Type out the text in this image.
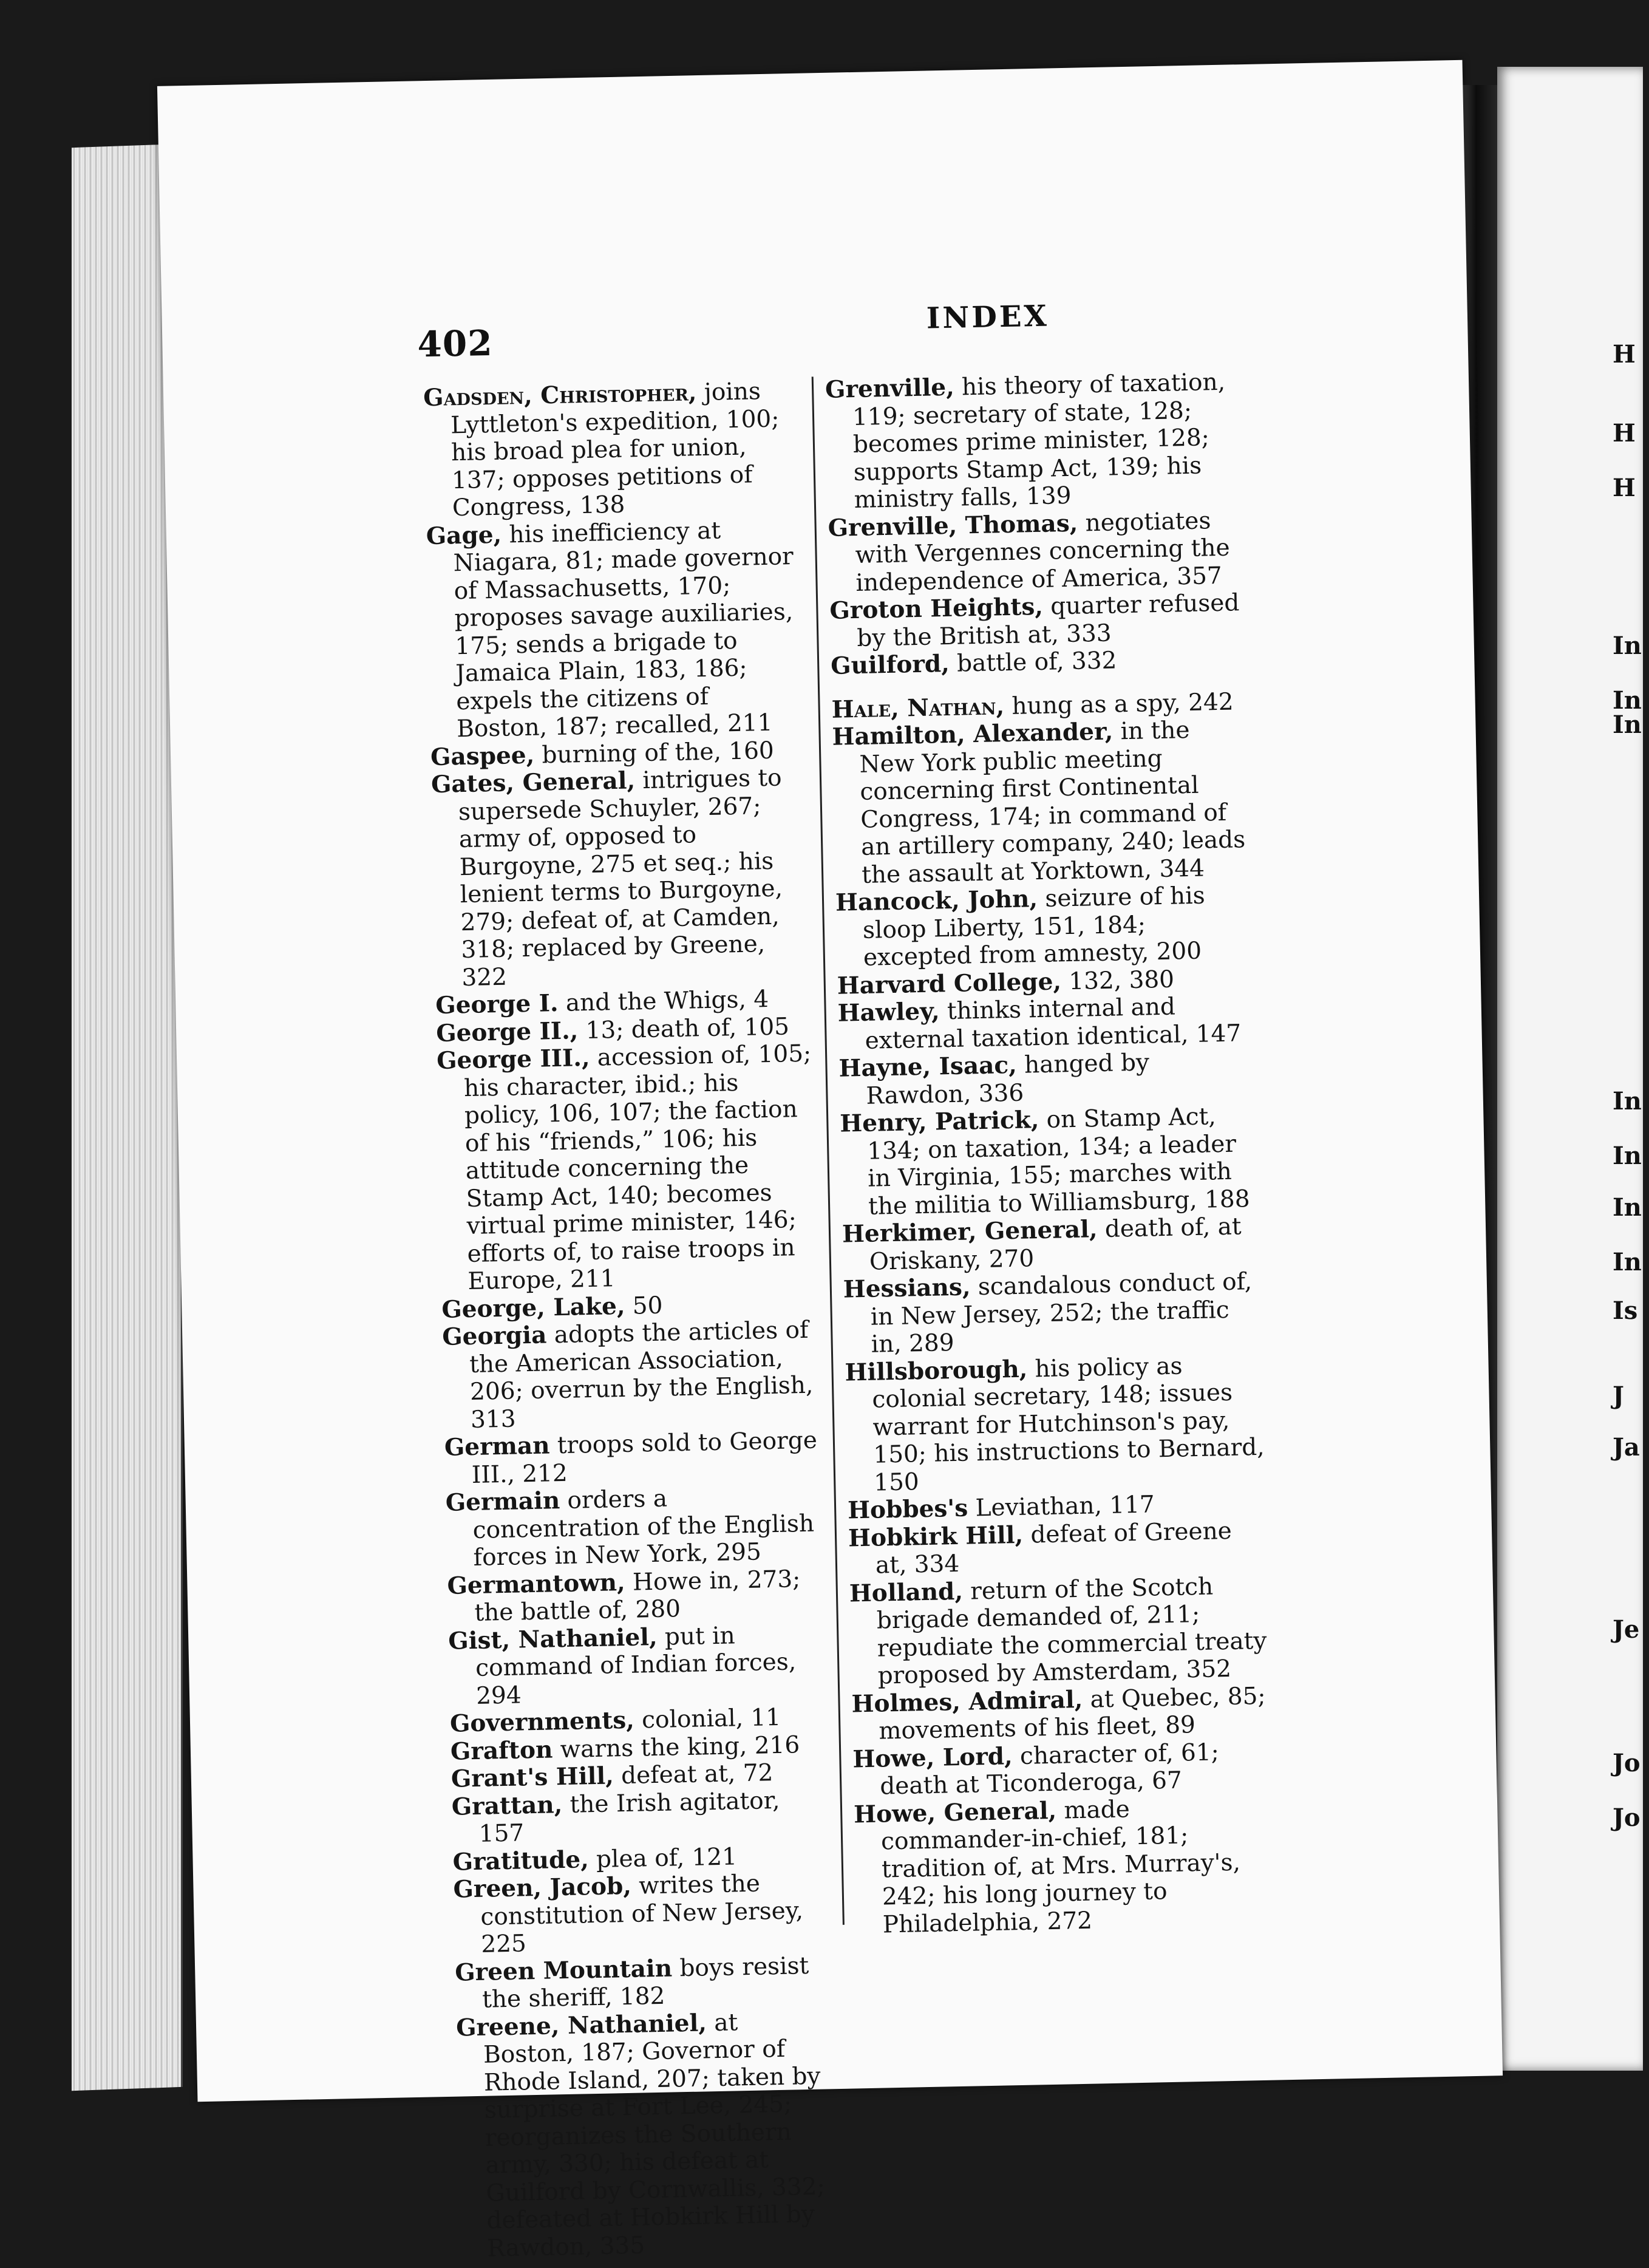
H
H
H
In
In
In
In
In
In
In
Is
J
Ja
Je
Jo
Jo
402
INDEX

Gadsden, Christopher, joins Lyttleton's expedition, 100; his broad plea for union, 137; opposes petitions of Congress, 138

Gage, his inefficiency at Niagara, 81; made governor of Massachusetts, 170; proposes savage auxiliaries, 175; sends a brigade to Jamaica Plain, 183, 186; expels the citizens of Boston, 187; recalled, 211

Gaspee, burning of the, 160

Gates, General, intrigues to supersede Schuyler, 267; army of, opposed to Burgoyne, 275 et seq.; his lenient terms to Burgoyne, 279; defeat of, at Camden, 318; replaced by Greene, 322

George I. and the Whigs, 4

George II., 13; death of, 105

George III., accession of, 105; his character, ibid.; his policy, 106, 107; the faction of his “friends,” 106; his attitude concerning the Stamp Act, 140; becomes virtual prime minister, 146; efforts of, to raise troops in Europe, 211

George, Lake, 50

Georgia adopts the articles of the American Association, 206; overrun by the English, 313

German troops sold to George III., 212

Germain orders a concentration of the English forces in New York, 295

Germantown, Howe in, 273; the battle of, 280

Gist, Nathaniel, put in command of Indian forces, 294

Governments, colonial, 11

Grafton warns the king, 216

Grant's Hill, defeat at, 72

Grattan, the Irish agitator, 157

Gratitude, plea of, 121

Green, Jacob, writes the constitution of New Jersey, 225

Green Mountain boys resist the sheriff, 182

Greene, Nathaniel, at Boston, 187; Governor of Rhode Island, 207; taken by surprise at Fort Lee, 245; reorganizes the Southern army, 330; his defeat at Guilford by Cornwallis, 332; defeated at Hobkirk Hill by Rawdon, 335

Grenville, his theory of taxation, 119; secretary of state, 128; becomes prime minister, 128; supports Stamp Act, 139; his ministry falls, 139

Grenville, Thomas, negotiates with Vergennes concerning the independence of America, 357

Groton Heights, quarter refused by the British at, 333

Guilford, battle of, 332

Hale, Nathan, hung as a spy, 242

Hamilton, Alexander, in the New York public meeting concerning first Continental Congress, 174; in command of an artillery company, 240; leads the assault at Yorktown, 344

Hancock, John, seizure of his sloop Liberty, 151, 184; excepted from amnesty, 200

Harvard College, 132, 380

Hawley, thinks internal and external taxation identical, 147

Hayne, Isaac, hanged by Rawdon, 336

Henry, Patrick, on Stamp Act, 134; on taxation, 134; a leader in Virginia, 155; marches with the militia to Williamsburg, 188

Herkimer, General, death of, at Oriskany, 270

Hessians, scandalous conduct of, in New Jersey, 252; the traffic in, 289

Hillsborough, his policy as colonial secretary, 148; issues warrant for Hutchinson's pay, 150; his instructions to Bernard, 150

Hobbes's Leviathan, 117

Hobkirk Hill, defeat of Greene at, 334

Holland, return of the Scotch brigade demanded of, 211; repudiate the commercial treaty proposed by Amsterdam, 352

Holmes, Admiral, at Quebec, 85; movements of his fleet, 89

Howe, Lord, character of, 61; death at Ticonderoga, 67

Howe, General, made commander-in-chief, 181; tradition of, at Mrs. Murray's, 242; his long journey to Philadelphia, 272
